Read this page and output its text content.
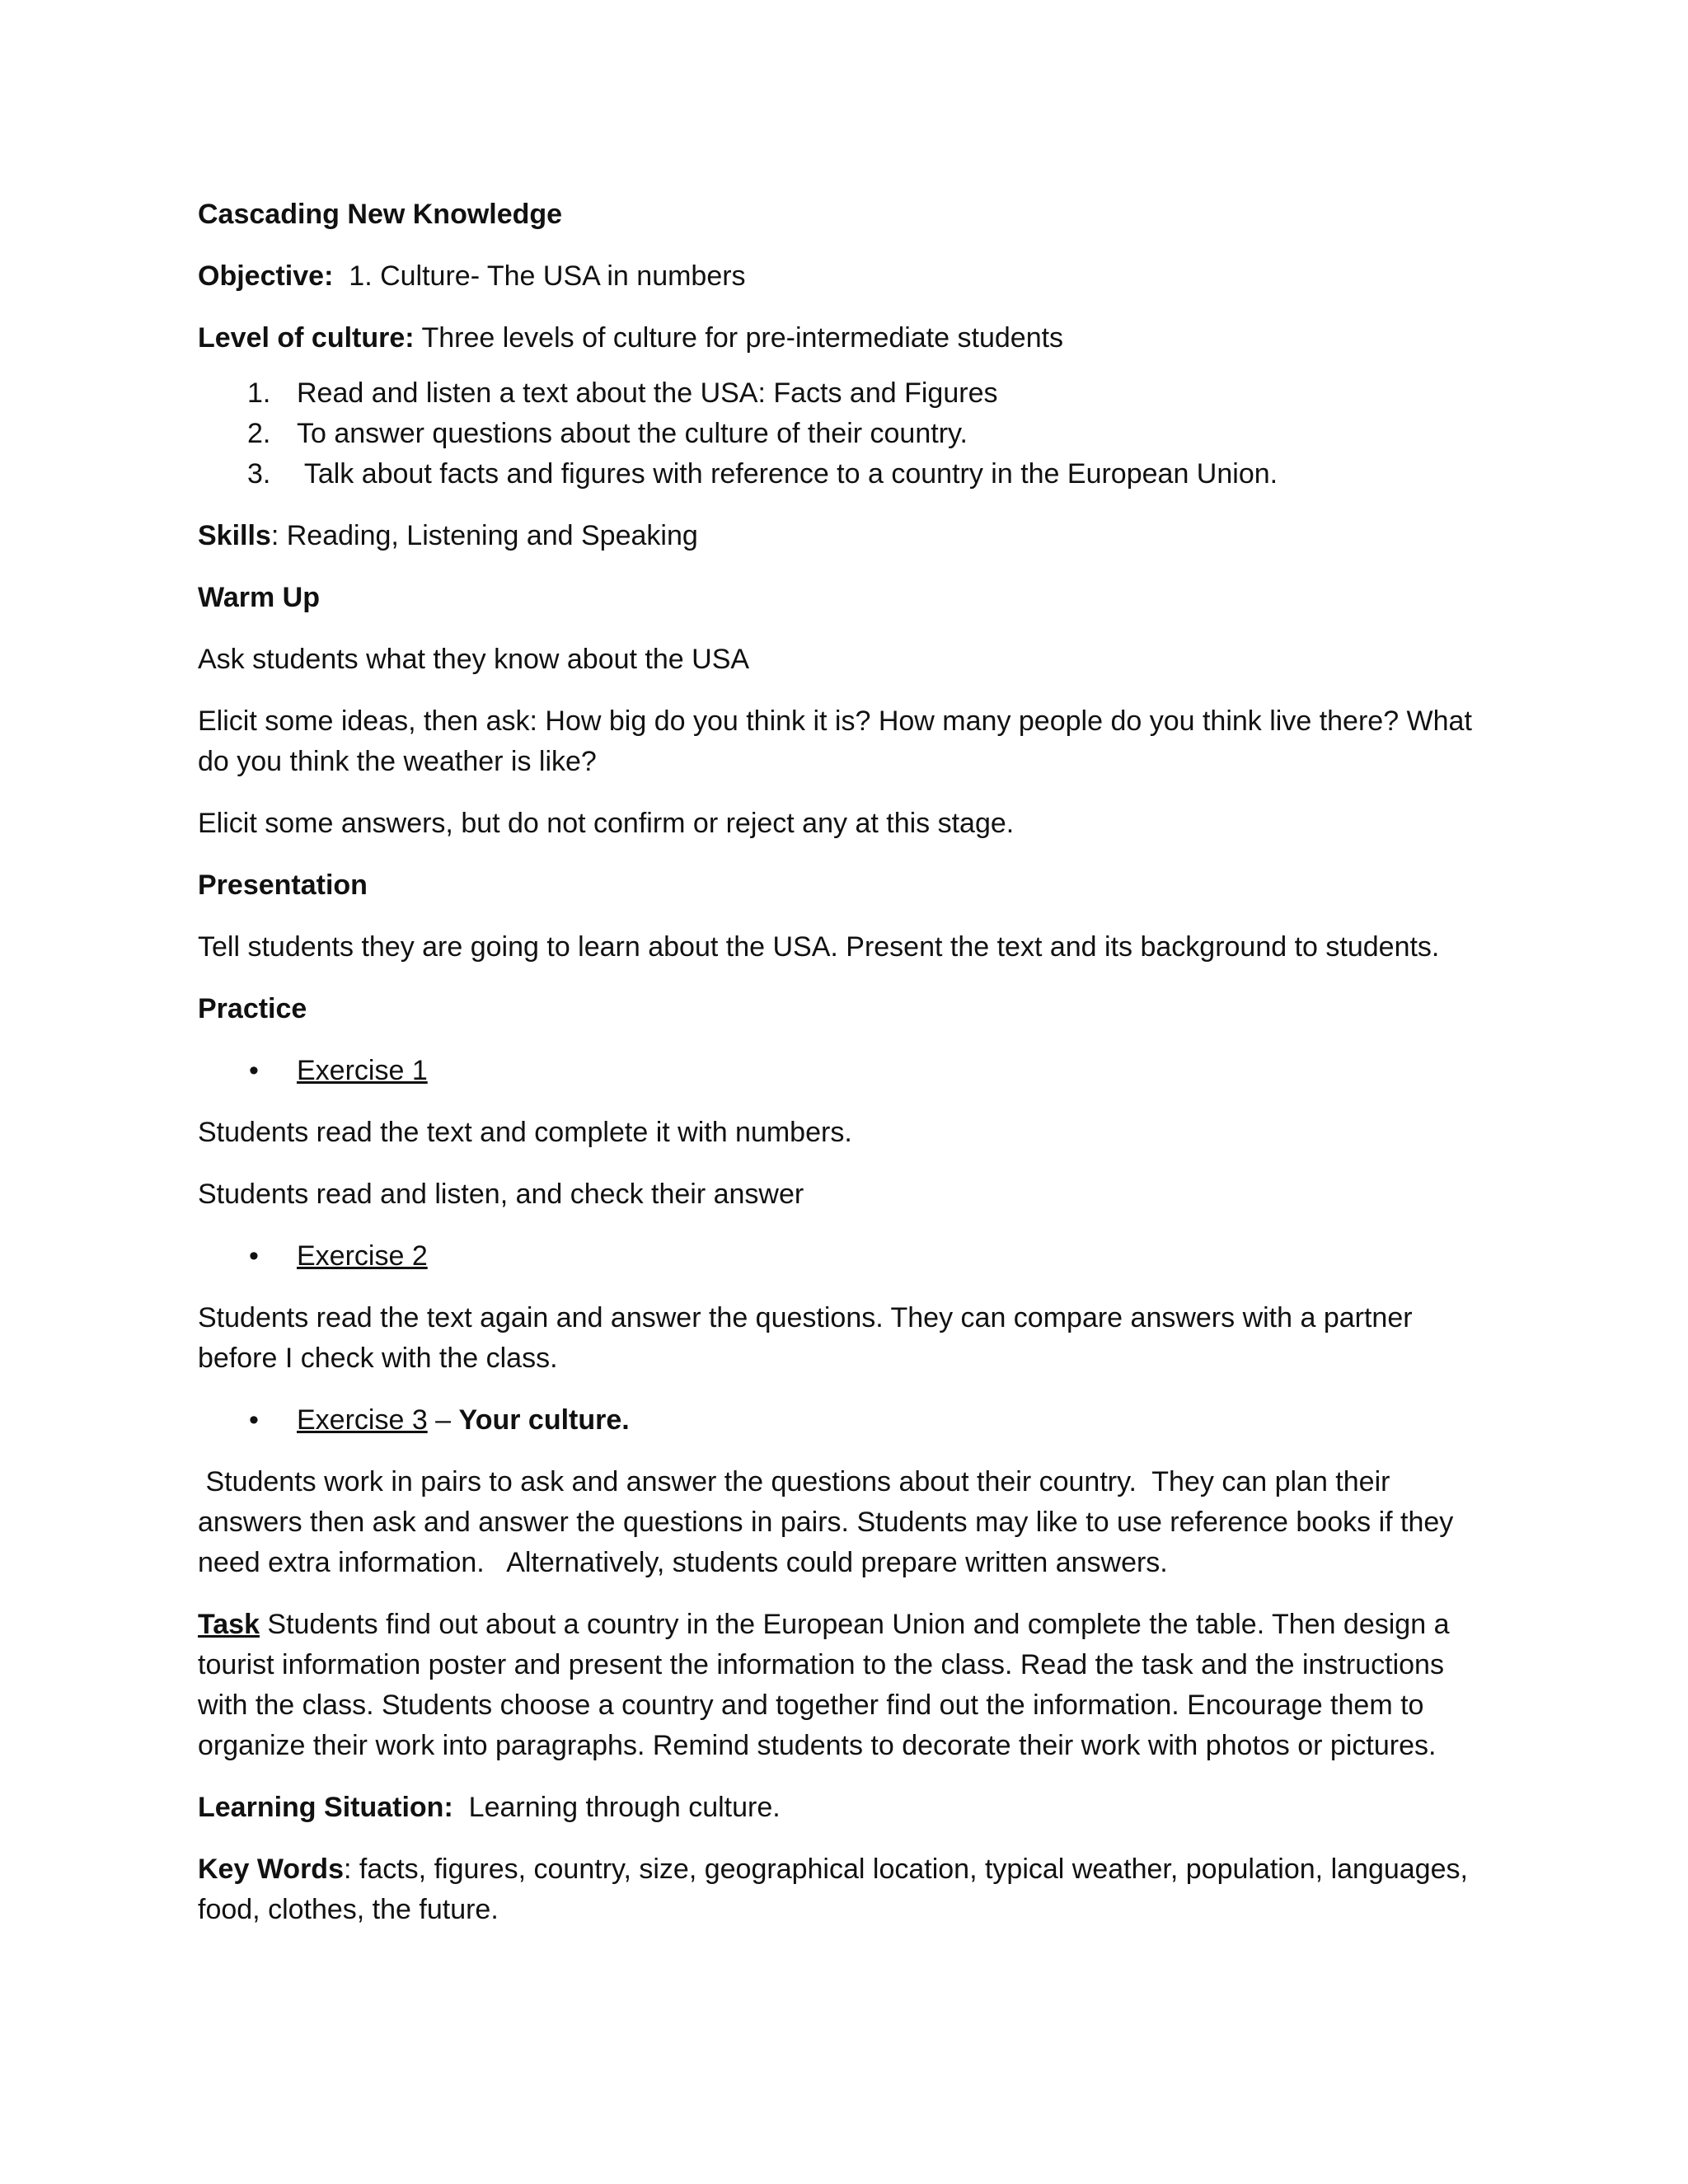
Cascading New Knowledge

Objective: 1. Culture- The USA in numbers

Level of culture: Three levels of culture for pre-intermediate students

1. Read and listen a text about the USA: Facts and Figures
2. To answer questions about the culture of their country.
3. Talk about facts and figures with reference to a country in the European Union.

Skills: Reading, Listening and Speaking

Warm Up

Ask students what they know about the USA

Elicit some ideas, then ask: How big do you think it is? How many people do you think live there? What do you think the weather is like?

Elicit some answers, but do not confirm or reject any at this stage.

Presentation

Tell students they are going to learn about the USA. Present the text and its background to students.

Practice

• Exercise 1

Students read the text and complete it with numbers.

Students read and listen, and check their answer

• Exercise 2

Students read the text again and answer the questions. They can compare answers with a partner before I check with the class.

• Exercise 3 – Your culture.

Students work in pairs to ask and answer the questions about their country.  They can plan their answers then ask and answer the questions in pairs. Students may like to use reference books if they need extra information.   Alternatively, students could prepare written answers.

Task Students find out about a country in the European Union and complete the table. Then design a tourist information poster and present the information to the class. Read the task and the instructions with the class. Students choose a country and together find out the information. Encourage them to organize their work into paragraphs. Remind students to decorate their work with photos or pictures.

Learning Situation:  Learning through culture.

Key Words: facts, figures, country, size, geographical location, typical weather, population, languages, food, clothes, the future.
